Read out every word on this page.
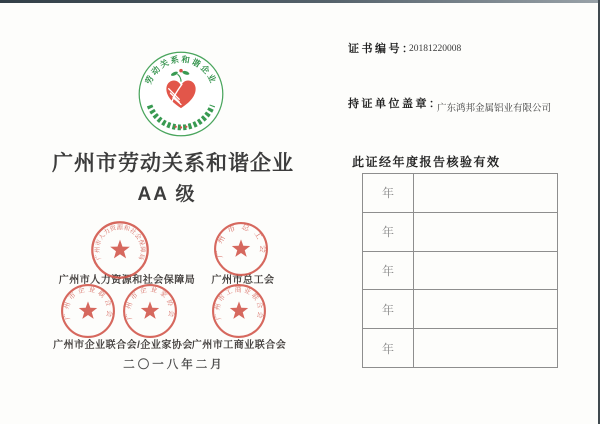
劳动关系和谐企业
广州市劳动关系和谐企业
AA 级
广州市人力资源和社会保障局 广州市总工会
广州市企业联合会/企业家协会
广州市工商业联合会
广州市人力资源和社会保障局	广州市总工会
广州市企业联合会 广州市企业家协会	广州市工商业联合会
二〇一八年二月
证书编号：
20181220008
持证单位盖章：
广东鸿邦金属铝业有限公司
此证经年度报告核验有效
年
年
年
年
年
